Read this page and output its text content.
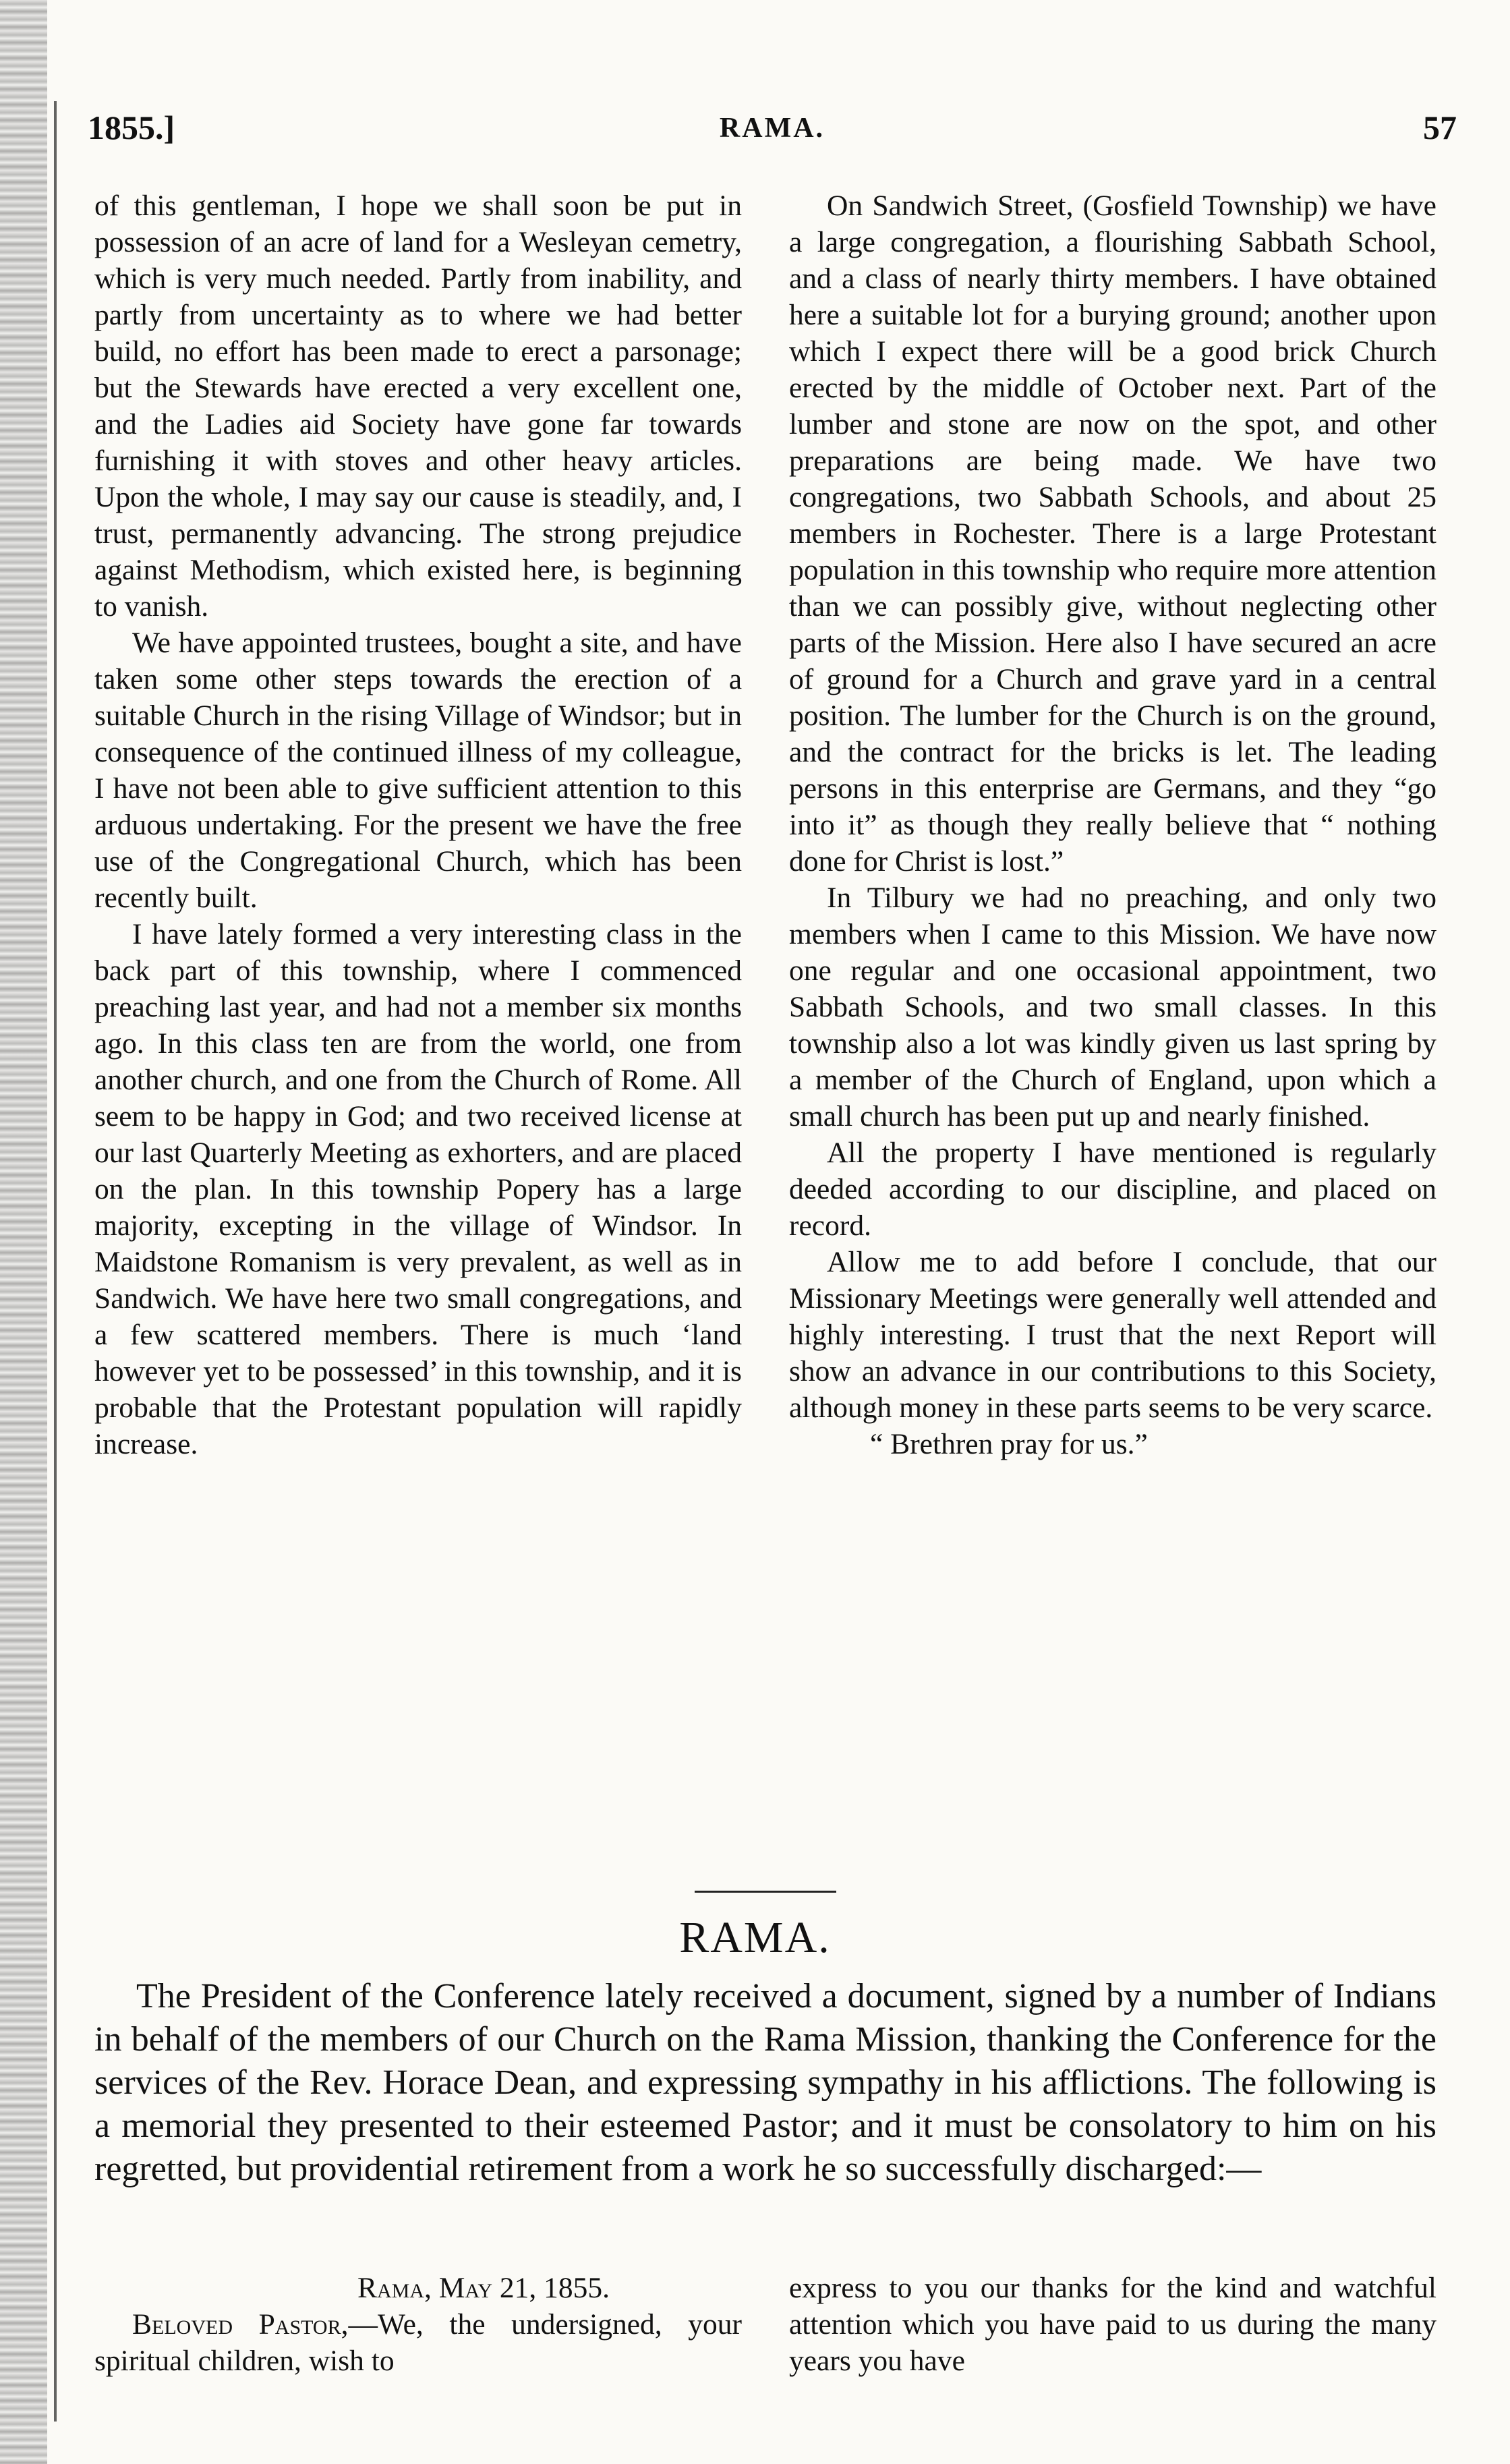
1855.]	RAMA.	57

of this gentleman, I hope we shall soon be put in possession of an acre of land for a Wesleyan cemetry, which is very much needed. Partly from inability, and partly from uncertainty as to where we had better build, no effort has been made to erect a parsonage; but the Stewards have erected a very excellent one, and the Ladies aid Society have gone far towards furnishing it with stoves and other heavy articles. Upon the whole, I may say our cause is steadily, and, I trust, permanently advancing. The strong prejudice against Methodism, which existed here, is beginning to vanish.

We have appointed trustees, bought a site, and have taken some other steps towards the erection of a suitable Church in the rising Village of Windsor; but in consequence of the continued illness of my colleague, I have not been able to give sufficient attention to this arduous undertaking. For the present we have the free use of the Congregational Church, which has been recently built.

I have lately formed a very interesting class in the back part of this township, where I commenced preaching last year, and had not a member six months ago. In this class ten are from the world, one from another church, and one from the Church of Rome. All seem to be happy in God; and two received license at our last Quarterly Meeting as exhorters, and are placed on the plan. In this township Popery has a large majority, excepting in the village of Windsor. In Maidstone Romanism is very prevalent, as well as in Sandwich. We have here two small congregations, and a few scattered members. There is much ‘land however yet to be possessed’ in this township, and it is probable that the Protestant population will rapidly increase.

On Sandwich Street, (Gosfield Township) we have a large congregation, a flourishing Sabbath School, and a class of nearly thirty members. I have obtained here a suitable lot for a burying ground; another upon which I expect there will be a good brick Church erected by the middle of October next. Part of the lumber and stone are now on the spot, and other preparations are being made. We have two congregations, two Sabbath Schools, and about 25 members in Rochester. There is a large Protestant population in this township who require more attention than we can possibly give, without neglecting other parts of the Mission. Here also I have secured an acre of ground for a Church and grave yard in a central position. The lumber for the Church is on the ground, and the contract for the bricks is let. The leading persons in this enterprise are Germans, and they “go into it” as though they really believe that “ nothing done for Christ is lost.”

In Tilbury we had no preaching, and only two members when I came to this Mission. We have now one regular and one occasional appointment, two Sabbath Schools, and two small classes. In this township also a lot was kindly given us last spring by a member of the Church of England, upon which a small church has been put up and nearly finished.

All the property I have mentioned is regularly deeded according to our discipline, and placed on record.

Allow me to add before I conclude, that our Missionary Meetings were generally well attended and highly interesting. I trust that the next Report will show an advance in our contributions to this Society, although money in these parts seems to be very scarce.

“ Brethren pray for us.”

RAMA.

The President of the Conference lately received a document, signed by a number of Indians in behalf of the members of our Church on the Rama Mission, thanking the Conference for the services of the Rev. Horace Dean, and expressing sympathy in his afflictions. The following is a memorial they presented to their esteemed Pastor; and it must be consolatory to him on his regretted, but providential retirement from a work he so successfully discharged:—

Rama, May 21, 1855.
Beloved Pastor,—We, the undersigned, your spiritual children, wish to
express to you our thanks for the kind and watchful attention which you have paid to us during the many years you have
